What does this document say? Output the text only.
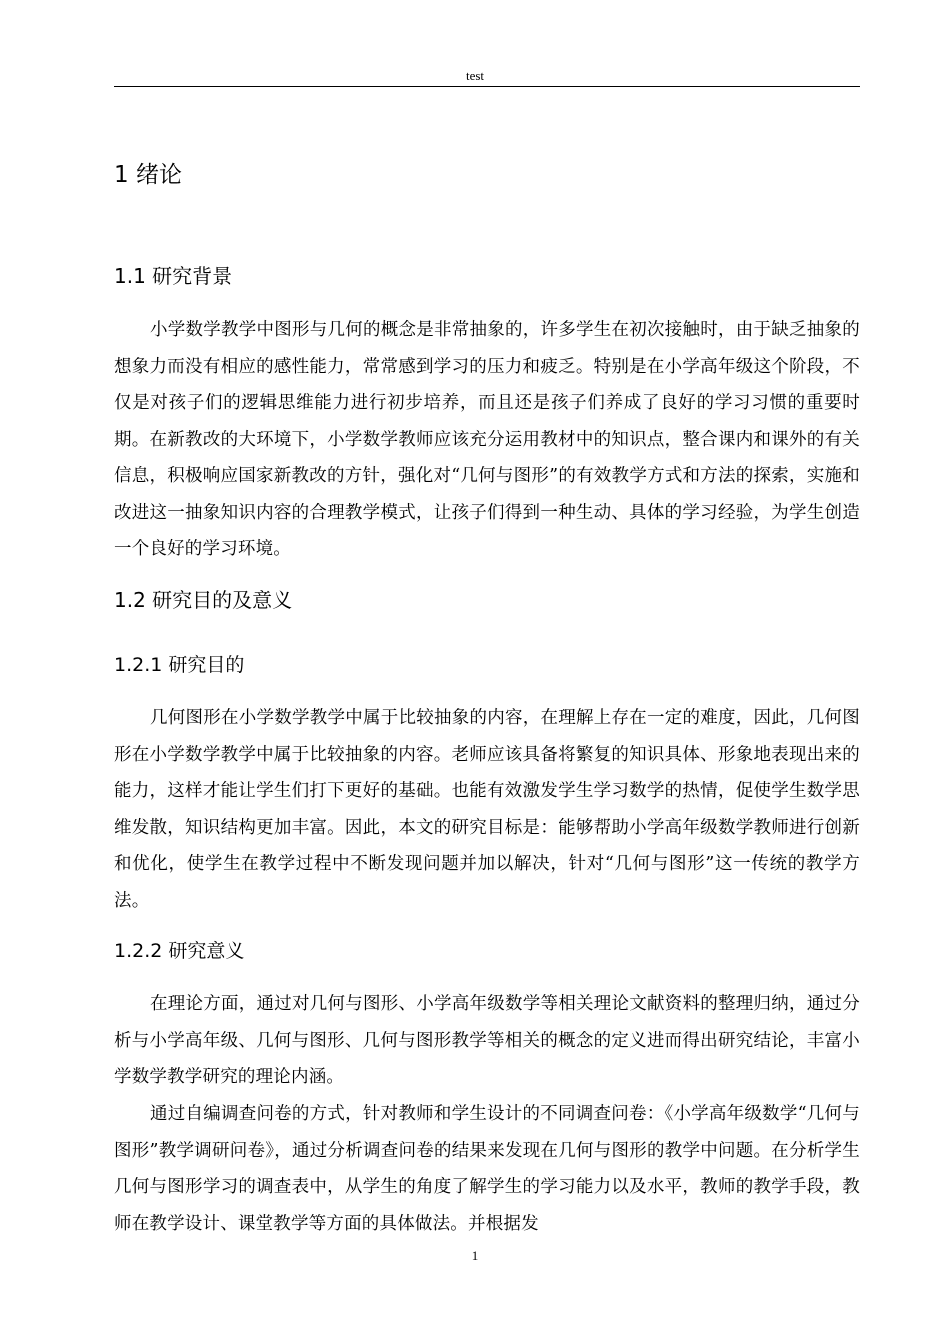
test
1 绪论
1.1 研究背景

小学数学教学中图形与几何的概念是非常抽象的，许多学生在初次接触时，由于缺乏抽象的想象力而没有相应的感性能力，常常感到学习的压力和疲乏。特别是在小学高年级这个阶段，不仅是对孩子们的逻辑思维能力进行初步培养，而且还是孩子们养成了良好的学习习惯的重要时期。在新教改的大环境下，小学数学教师应该充分运用教材中的知识点，整合课内和课外的有关信息，积极响应国家新教改的方针，强化对“几何与图形”的有效教学方式和方法的探索，实施和改进这一抽象知识内容的合理教学模式，让孩子们得到一种生动、具体的学习经验，为学生创造一个良好的学习环境。

1.2 研究目的及意义
1.2.1 研究目的

几何图形在小学数学教学中属于比较抽象的内容，在理解上存在一定的难度，因此，几何图形在小学数学教学中属于比较抽象的内容。老师应该具备将繁复的知识具体、形象地表现出来的能力，这样才能让学生们打下更好的基础。也能有效激发学生学习数学的热情，促使学生数学思维发散，知识结构更加丰富。因此，本文的研究目标是：能够帮助小学高年级数学教师进行创新和优化，使学生在教学过程中不断发现问题并加以解决，针对“几何与图形”这一传统的教学方法。

1.2.2 研究意义

在理论方面，通过对几何与图形、小学高年级数学等相关理论文献资料的整理归纳，通过分析与小学高年级、几何与图形、几何与图形教学等相关的概念的定义进而得出研究结论，丰富小学数学教学研究的理论内涵。

通过自编调查问卷的方式，针对教师和学生设计的不同调查问卷：《小学高年级数学“几何与图形”教学调研问卷》，通过分析调查问卷的结果来发现在几何与图形的教学中问题。在分析学生几何与图形学习的调查表中，从学生的角度了解学生的学习能力以及水平，教师的教学手段，教师在教学设计、课堂教学等方面的具体做法。并根据发

1
